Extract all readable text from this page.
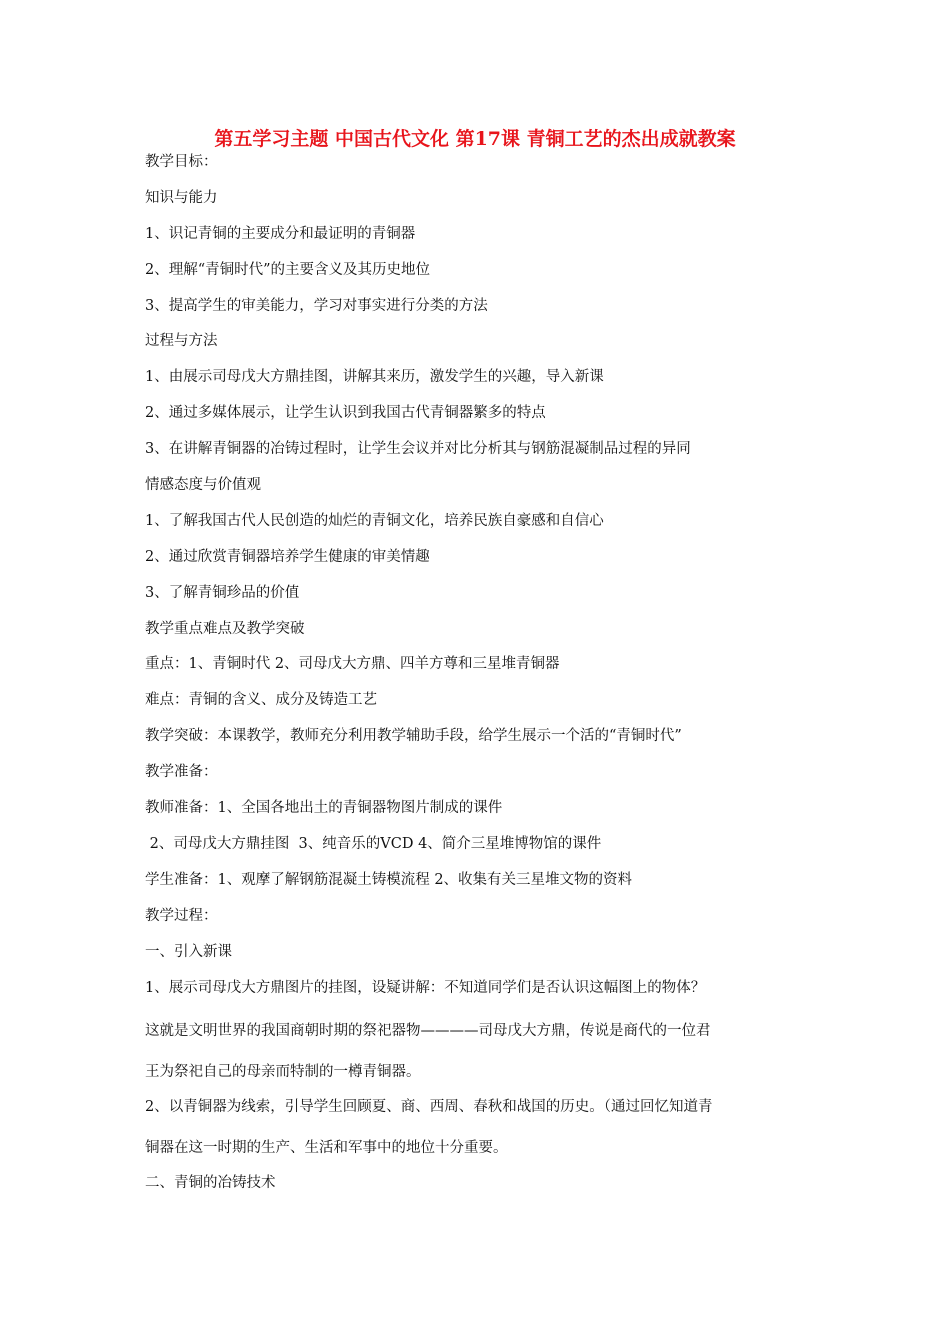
第五学习主题 中国古代文化 第17课 青铜工艺的杰出成就教案
教学目标：
知识与能力
1、识记青铜的主要成分和最证明的青铜器
2、理解“青铜时代”的主要含义及其历史地位
3、提高学生的审美能力，学习对事实进行分类的方法
过程与方法
1、由展示司母戊大方鼎挂图，讲解其来历，激发学生的兴趣，导入新课
2、通过多媒体展示，让学生认识到我国古代青铜器繁多的特点
3、在讲解青铜器的冶铸过程时，让学生会议并对比分析其与钢筋混凝制品过程的异同
情感态度与价值观
1、了解我国古代人民创造的灿烂的青铜文化，培养民族自豪感和自信心
2、通过欣赏青铜器培养学生健康的审美情趣
3、了解青铜珍品的价值
教学重点难点及教学突破
重点：1、青铜时代 2、司母戊大方鼎、四羊方尊和三星堆青铜器
难点：青铜的含义、成分及铸造工艺
教学突破：本课教学，教师充分利用教学辅助手段，给学生展示一个活的“青铜时代”
教学准备：
教师准备：1、全国各地出土的青铜器物图片制成的课件
2、司母戊大方鼎挂图  3、纯音乐的VCD 4、简介三星堆博物馆的课件
学生准备：1、观摩了解钢筋混凝土铸模流程 2、收集有关三星堆文物的资料
教学过程：
一、引入新课
1、展示司母戊大方鼎图片的挂图，设疑讲解：不知道同学们是否认识这幅图上的物体？
这就是文明世界的我国商朝时期的祭祀器物————司母戊大方鼎，传说是商代的一位君
王为祭祀自己的母亲而特制的一樽青铜器。
2、以青铜器为线索，引导学生回顾夏、商、西周、春秋和战国的历史。（通过回忆知道青
铜器在这一时期的生产、生活和军事中的地位十分重要。
二、青铜的冶铸技术
